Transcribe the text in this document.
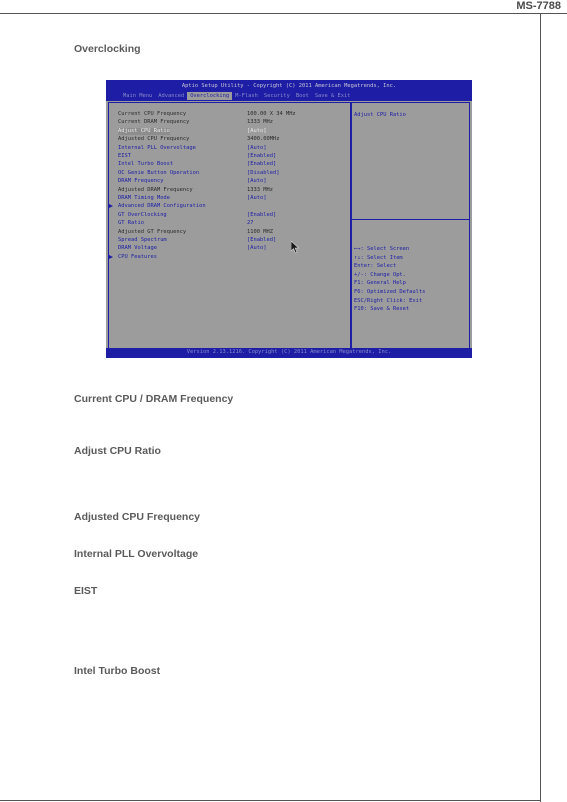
MS-7788
Overclocking
Aptio Setup Utility - Copyright (C) 2011 American Megatrends, Inc.
Main Menu	Advanced	Overclocking	M-Flash	Security	Boot	Save & Exit
Current CPU Frequency	100.00 X 34 MHz
Current DRAM Frequency	1333 MHz
Adjust CPU Ratio	[Auto]
Adjusted CPU Frequency	3400.00MHz
Internal PLL Overvoltage	[Auto]
EIST	[Enabled]
Intel Turbo Boost	[Enabled]
OC Genie Button Operation	[Disabled]
DRAM Frequency	[Auto]
Adjusted DRAM Frequency	1333 MHz
DRAM Timing Mode	[Auto]
Advanced DRAM Configuration
GT OverClocking	[Enabled]
GT Ratio	27
Adjusted GT Frequency	1100 MHZ
Spread Spectrum	[Enabled]
DRAM Voltage	[Auto]
CPU Features
Adjust CPU Ratio
←→: Select Screen
↑↓: Select Item
Enter: Select
+/-: Change Opt.
F1: General Help
F6: Optimized Defaults
ESC/Right Click: Exit
F10: Save & Reset
Version 2.13.1216. Copyright (C) 2011 American Megatrends, Inc.
Current CPU / DRAM Frequency
Adjust CPU Ratio
Adjusted CPU Frequency
Internal PLL Overvoltage
EIST
Intel Turbo Boost
